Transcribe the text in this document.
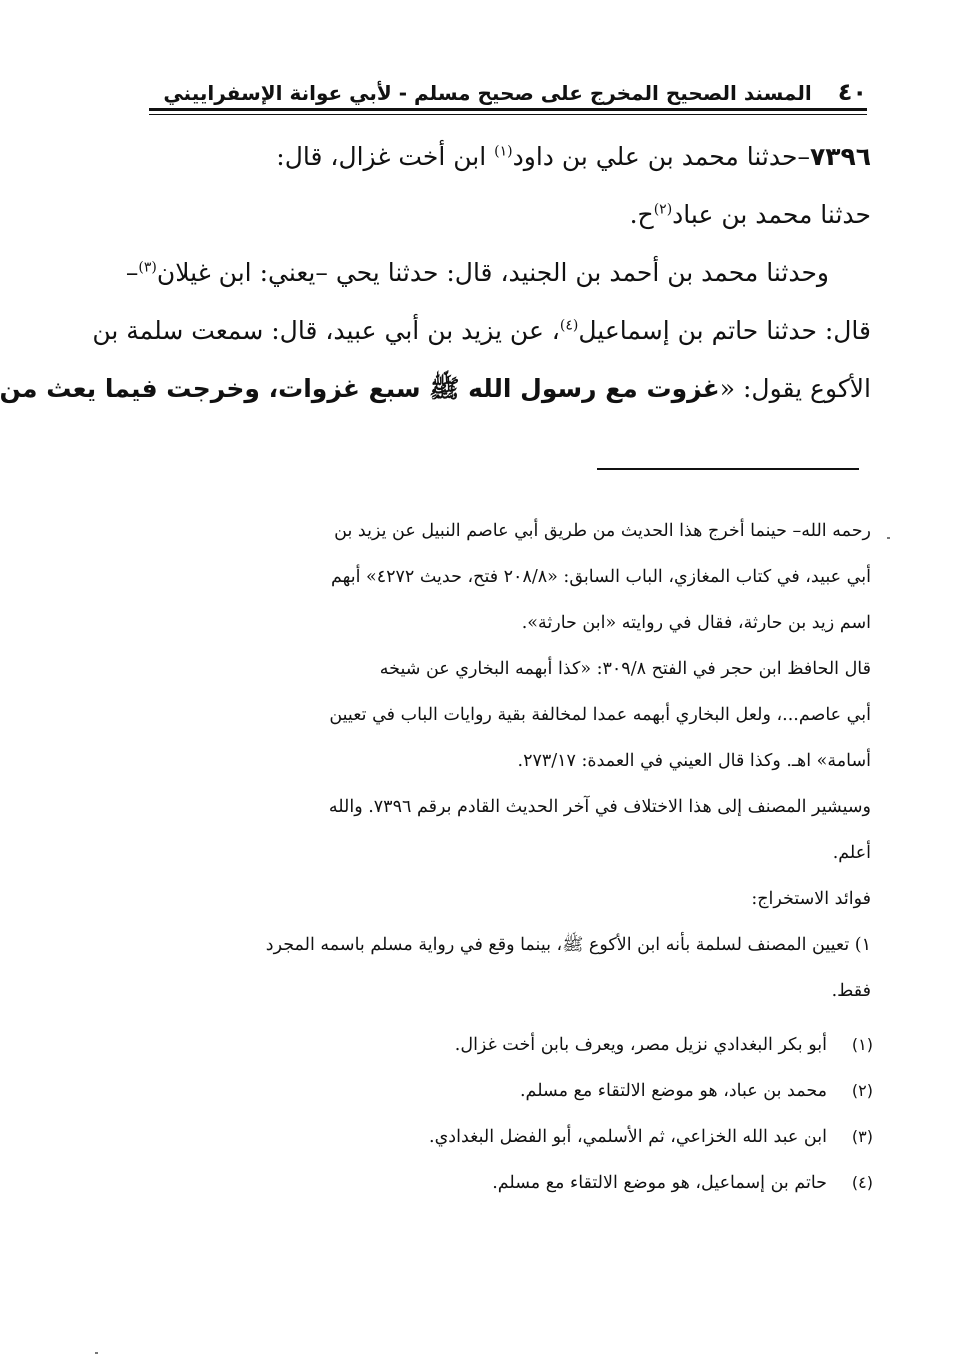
٤٠
المسند الصحيح المخرج على صحيح مسلم - لأبي عوانة الإسفراييني

٧٣٩٦–حدثنا محمد بن علي بن داود$^{(١)}$ ابن أخت غزال، قال:

حدثنا محمد بن عباد$^{(٢)}$ح.

وحدثنا محمد بن أحمد بن الجنيد، قال: حدثنا يحي –يعني: ابن غيلان$^{(٣)}$–

قال: حدثنا حاتم بن إسماعيل$^{(٤)}$، عن يزيد بن أبي عبيد، قال: سمعت سلمة بن

الأكوع يقول: «غزوت مع رسول الله ﷺ سبع غزوات، وخرجت فيما يعث من

رحمه الله– حينما أخرج هذا الحديث من طريق أبي عاصم النبيل عن يزيد بن

أبي عبيد، في كتاب المغازي، الباب السابق: «٢٠٨/٨ فتح، حديث ٤٢٧٢» أبهم

اسم زيد بن حارثة، فقال في روايته «ابن حارثة».

قال الحافظ ابن حجر في الفتح ٣٠٩/٨: «كذا أبهمه البخاري عن شيخه

أبي عاصم...، ولعل البخاري أبهمه عمدا لمخالفة بقية روايات الباب في تعيين

أسامة» اهـ. وكذا قال العيني في العمدة: ٢٧٣/١٧.

وسيشير المصنف إلى هذا الاختلاف في آخر الحديث القادم برقم ٧٣٩٦. والله

أعلم.

فوائد الاستخراج:

١) تعيين المصنف لسلمة بأنه ابن الأكوع ﷺ، بينما وقع في رواية مسلم باسمه المجرد

فقط.

(١)
أبو بكر البغدادي نزيل مصر، ويعرف بابن أخت غزال.
(٢)
محمد بن عباد، هو موضع الالتقاء مع مسلم.
(٣)
ابن عبد الله الخزاعي، ثم الأسلمي، أبو الفضل البغدادي.
(٤)
حاتم بن إسماعيل، هو موضع الالتقاء مع مسلم.
